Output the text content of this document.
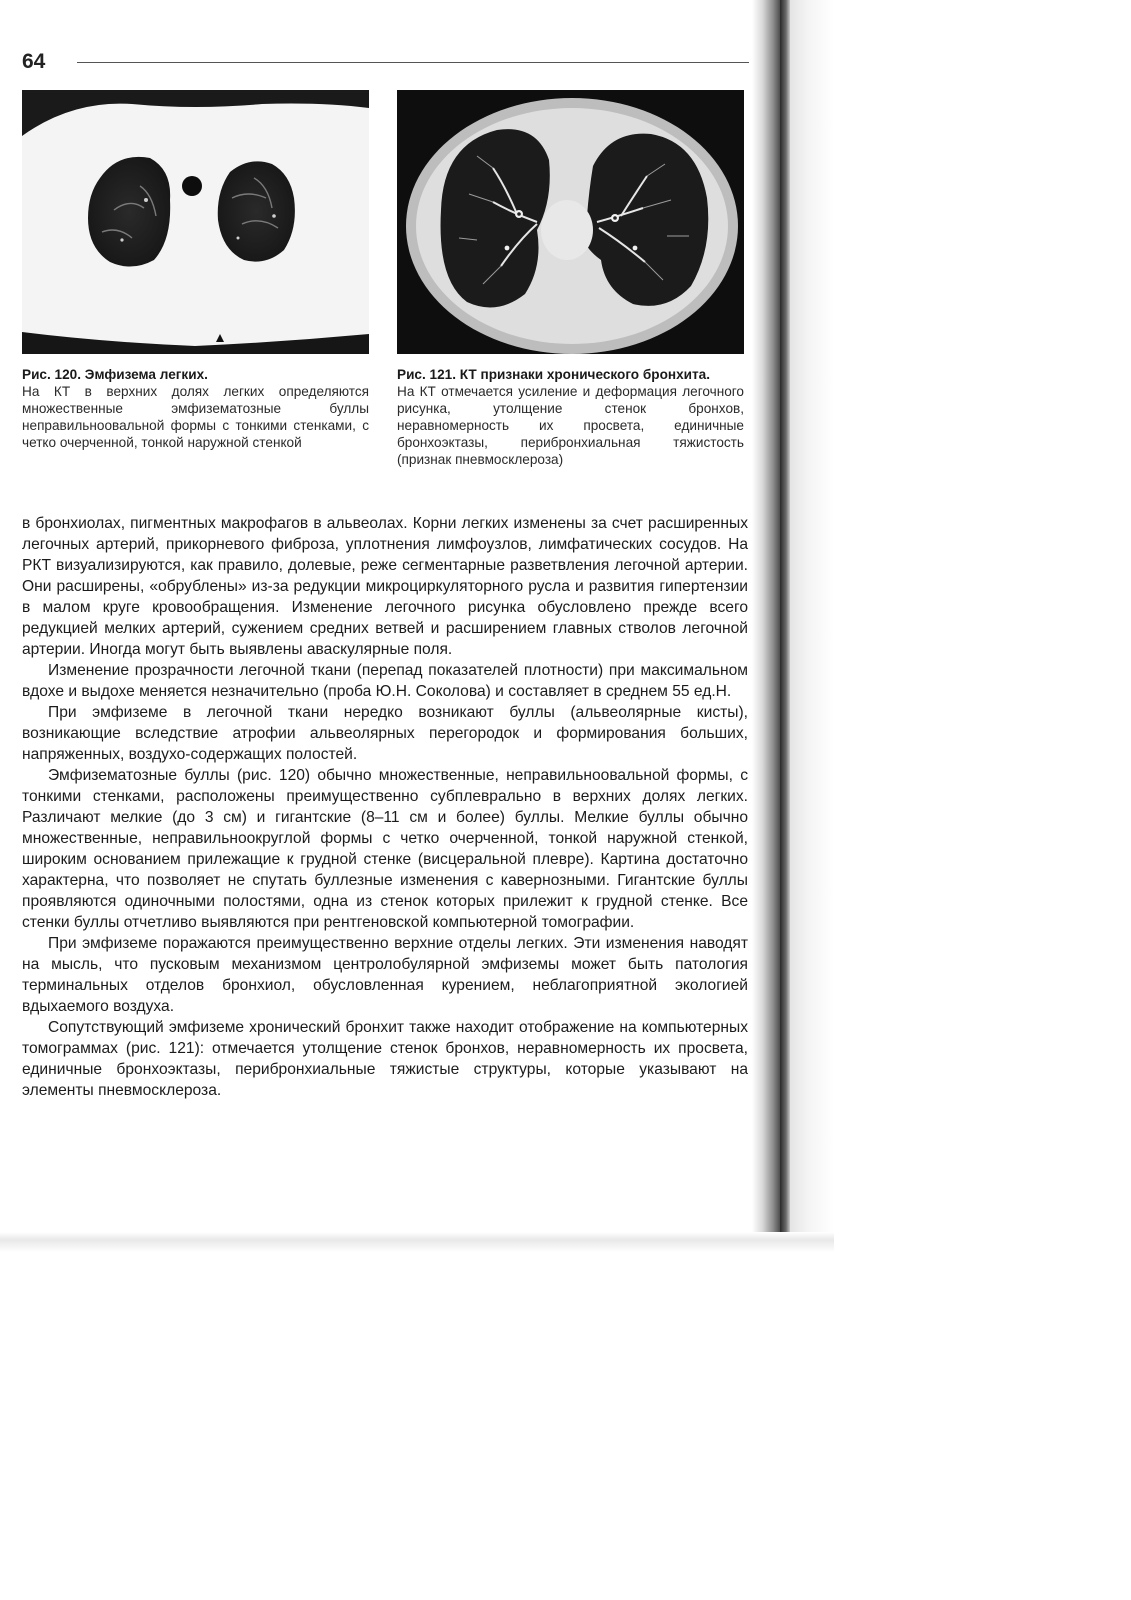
64
Рис. 120. Эмфизема легких.
На КТ в верхних долях легких определяются множественные эмфизематозные буллы неправильноовальной формы с тонкими стенками, с четко очерченной, тонкой наружной стенкой
Рис. 121. КТ признаки хронического бронхита.
На КТ отмечается усиление и деформация легочного рисунка, утолщение стенок бронхов, неравномерность их просвета, единичные бронхоэктазы, перибронхиальная тяжистость (признак пневмосклероза)

в бронхиолах, пигментных макрофагов в альвеолах. Корни легких изменены за счет расширенных легочных артерий, прикорневого фиброза, уплотнения лимфоузлов, лимфатических сосудов. На РКТ визуализируются, как правило, долевые, реже сегментарные разветвления легочной артерии. Они расширены, «обрублены» из-за редукции микроциркуляторного русла и развития гипертензии в малом круге кровообращения. Изменение легочного рисунка обусловлено прежде всего редукцией мелких артерий, сужением средних ветвей и расширением главных стволов легочной артерии. Иногда могут быть выявлены аваскулярные поля.

Изменение прозрачности легочной ткани (перепад показателей плотности) при максимальном вдохе и выдохе меняется незначительно (проба Ю.Н. Соколова) и составляет в среднем 55 ед.Н.

При эмфиземе в легочной ткани нередко возникают буллы (альвеолярные кисты), возникающие вследствие атрофии альвеолярных перегородок и формирования больших, напряженных, воздухо-содержащих полостей.

Эмфизематозные буллы (рис. 120) обычно множественные, неправильноовальной формы, с тонкими стенками, расположены преимущественно субплеврально в верхних долях легких. Различают мелкие (до 3 см) и гигантские (8–11 см и более) буллы. Мелкие буллы обычно множественные, неправильноокруглой формы с четко очерченной, тонкой наружной стенкой, широким основанием прилежащие к грудной стенке (висцеральной плевре). Картина достаточно характерна, что позволяет не спутать буллезные изменения с кавернозными. Гигантские буллы проявляются одиночными полостями, одна из стенок которых прилежит к грудной стенке. Все стенки буллы отчетливо выявляются при рентгеновской компьютерной томографии.

При эмфиземе поражаются преимущественно верхние отделы легких. Эти изменения наводят на мысль, что пусковым механизмом центролобулярной эмфиземы может быть патология терминальных отделов бронхиол, обусловленная курением, неблагоприятной экологией вдыхаемого воздуха.

Сопутствующий эмфиземе хронический бронхит также находит отображение на компьютерных томограммах (рис. 121): отмечается утолщение стенок бронхов, неравномерность их просвета, единичные бронхоэктазы, перибронхиальные тяжистые структуры, которые указывают на элементы пневмосклероза.
